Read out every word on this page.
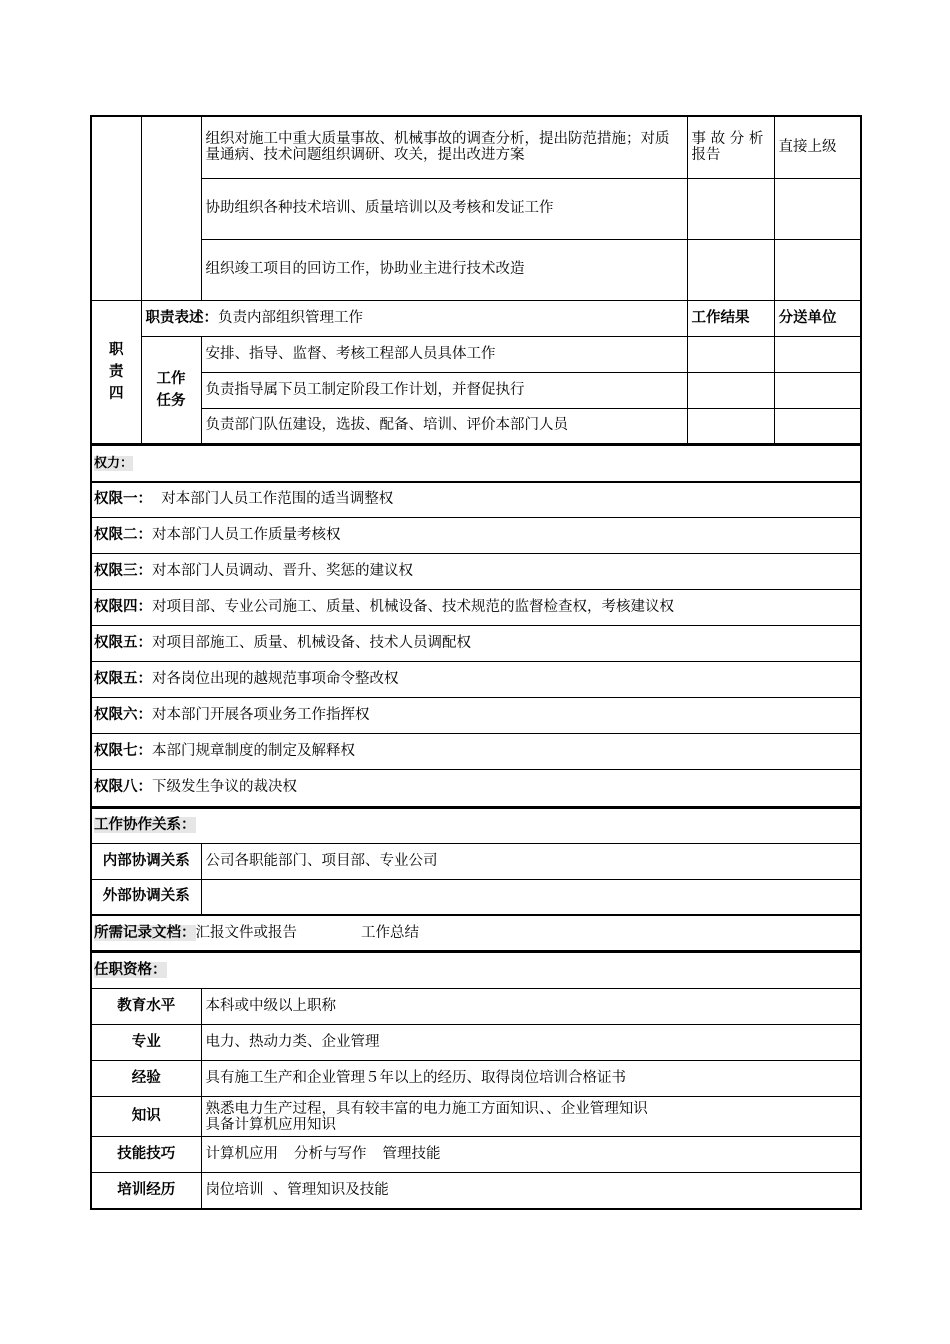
		组织对施工中重大质量事故、机械事故的调查分析，提出防范措施；对质量通病、技术问题组织调研、攻关，提出改进方案	事 故 分 析报告	直接上级
		协助组织各种技术培训、质量培训以及考核和发证工作		
		组织竣工项目的回访工作，协助业主进行技术改造		
职
责
四	职责表述：负责内部组织管理工作		工作结果	分送单位
	工作
任务	安排、指导、监督、考核工程部人员具体工作		
		负责指导属下员工制定阶段工作计划，并督促执行		
		负责部门队伍建设，选拔、配备、培训、评价本部门人员		
权力：
权限一：  对本部门人员工作范围的适当调整权
权限二：对本部门人员工作质量考核权
权限三：对本部门人员调动、晋升、奖惩的建议权
权限四：对项目部、专业公司施工、质量、机械设备、技术规范的监督检查权，考核建议权
权限五：对项目部施工、质量、机械设备、技术人员调配权
权限五：对各岗位出现的越规范事项命令整改权
权限六：对本部门开展各项业务工作指挥权
权限七：本部门规章制度的制定及解释权
权限八：下级发生争议的裁决权
工作协作关系：	
内部协调关系	公司各职能部门、项目部、专业公司
外部协调关系	
所需记录文档：汇报文件或报告 工作总结	
任职资格：	
教育水平	本科或中级以上职称
专业	电力、热动力类、企业管理
经验	具有施工生产和企业管理５年以上的经历、取得岗位培训合格证书
知识	熟悉电力生产过程，具有较丰富的电力施工方面知识、、企业管理知识
具备计算机应用知识
技能技巧	计算机应用 分析与写作 管理技能
培训经历	岗位培训  、管理知识及技能
